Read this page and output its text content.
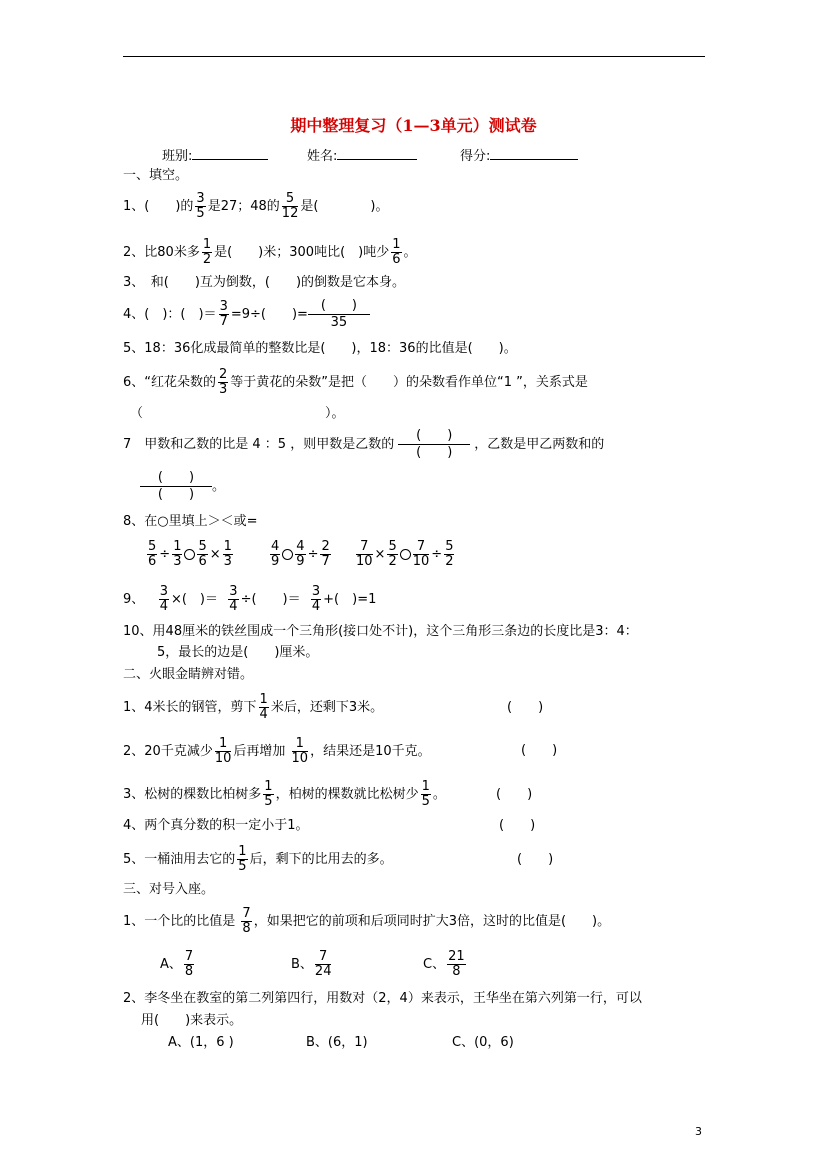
期中整理复习（1—3单元）测试卷
班别:	姓名:	得分:
一、填空。
1、(　　)的 $\frac{3}{5}$ 是27；48的 $\frac{5}{12}$ 是(　　　　)。
2、比80米多 $\frac{1}{2}$ 是(　　)米；300吨比(　)吨少 $\frac{1}{6}$ 。
3、　和(　　)互为倒数，(　　)的倒数是它本身。
4、(　)：(　)＝ $\frac{3}{7} =9\div$(　　)=
(　　)
35
5、18：36化成最简单的整数比是(　　)，18：36的比值是(　　)。
6、“红花朵数的 $\frac{2}{3}$ 等于黄花的朵数”是把（　　）的朵数看作单位“1 ”，关系式是
（　　　　　　　　　　　　　　）。
7　甲数和乙数的比是 4 ：5 ，则甲数是乙数的
(　　)
(　　)
，乙数是甲乙两数和的
(　　)
(　　)
。
8、在○里填上＞＜或=
$\frac{5}{6} \div \frac{1}{3} \frac{5}{6} \times \frac{1}{3}$	$\frac{4}{9} \frac{4}{9} \div \frac{2}{7} \frac{7}{10} \times \frac{5}{2} \frac{7}{10} \div \frac{5}{2}$
9、 $\frac{3}{4}$ ×(　)＝ $\frac{3}{4}$ ÷(　　)＝ $\frac{3}{4}$ +(　)=1
10、用48厘米的铁丝围成一个三角形(接口处不计)，这个三角形三条边的长度比是3：4：
5，最长的边是(　　)厘米。
二、火眼金睛辨对错。
1、4米长的钢管，剪下 $\frac{1}{4}$ 米后，还剩下3米。	(　　)
2、20千克减少 $\frac{1}{10}$ 后再增加 $\frac{1}{10}$ ，结果还是10千克。	(　　)
3、松树的棵数比柏树多 $\frac{1}{5}$ ，柏树的棵数就比松树少 $\frac{1}{5}$ 。	(　　)
4、两个真分数的积一定小于1。	(　　)
5、一桶油用去它的 $\frac{1}{5}$ 后，剩下的比用去的多。	(　　)
三、对号入座。
1、一个比的比值是 $\frac{7}{8}$ ，如果把它的前项和后项同时扩大3倍，这时的比值是(　　)。
A、 $\frac{7}{8}$	B、 $\frac{7}{24}$	C、 $\frac{21}{8}$
2、李冬坐在教室的第二列第四行，用数对（2，4）来表示，王华坐在第六列第一行，可以
用(　　)来表示。
A、(1，6 )	B、(6，1)	C、(0，6)
3
